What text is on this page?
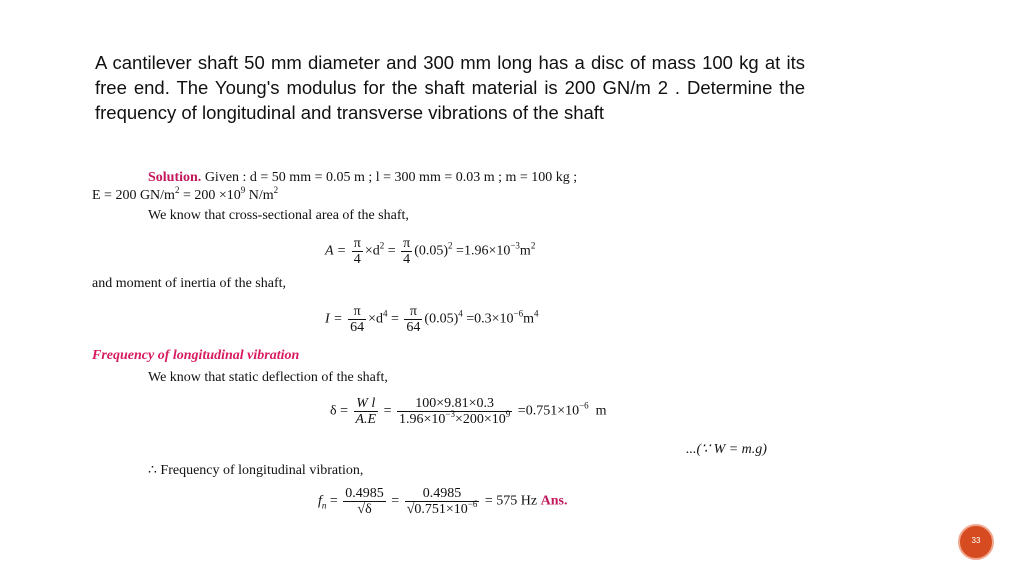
A cantilever shaft 50 mm diameter and 300 mm long has a disc of mass 100 kg at its free end. The Young's modulus for the shaft material is 200 GN/m 2 . Determine the frequency of longitudinal and transverse vibrations of the shaft
Solution. Given : d = 50 mm = 0.05 m ; l = 300 mm = 0.03 m ; m = 100 kg ;
E = 200 $GN/m^2 = 200 \times 10^9$ $N/m^2$
We know that cross-sectional area of the shaft,
$A = \frac{\pi}{4} \times d^2 = \frac{\pi}{4} (0.05)^2 =1.96\times 10^{-3}m^2$
and moment of inertia of the shaft,
$I = \frac{\pi}{64} \times d^4 = \frac{\pi}{64} (0.05)^4 =0.3\times 10^{-6}m^4$
Frequency of longitudinal vibration
We know that static deflection of the shaft,
$\delta = \frac{\text{W l}}{A.E} = \frac{100\times 9.81\times 0.3}{1.96\times 10^{-3}\times 200\times 10^9} =0.751\times 10^{-6}$ m
...(∵ W = m.g)
∴ Frequency of longitudinal vibration,
$f_n = \frac{0.4985}{√\delta} = \frac{0.4985}{√0.751\times 10^{-6}} = 575$ Hz Ans.
33
